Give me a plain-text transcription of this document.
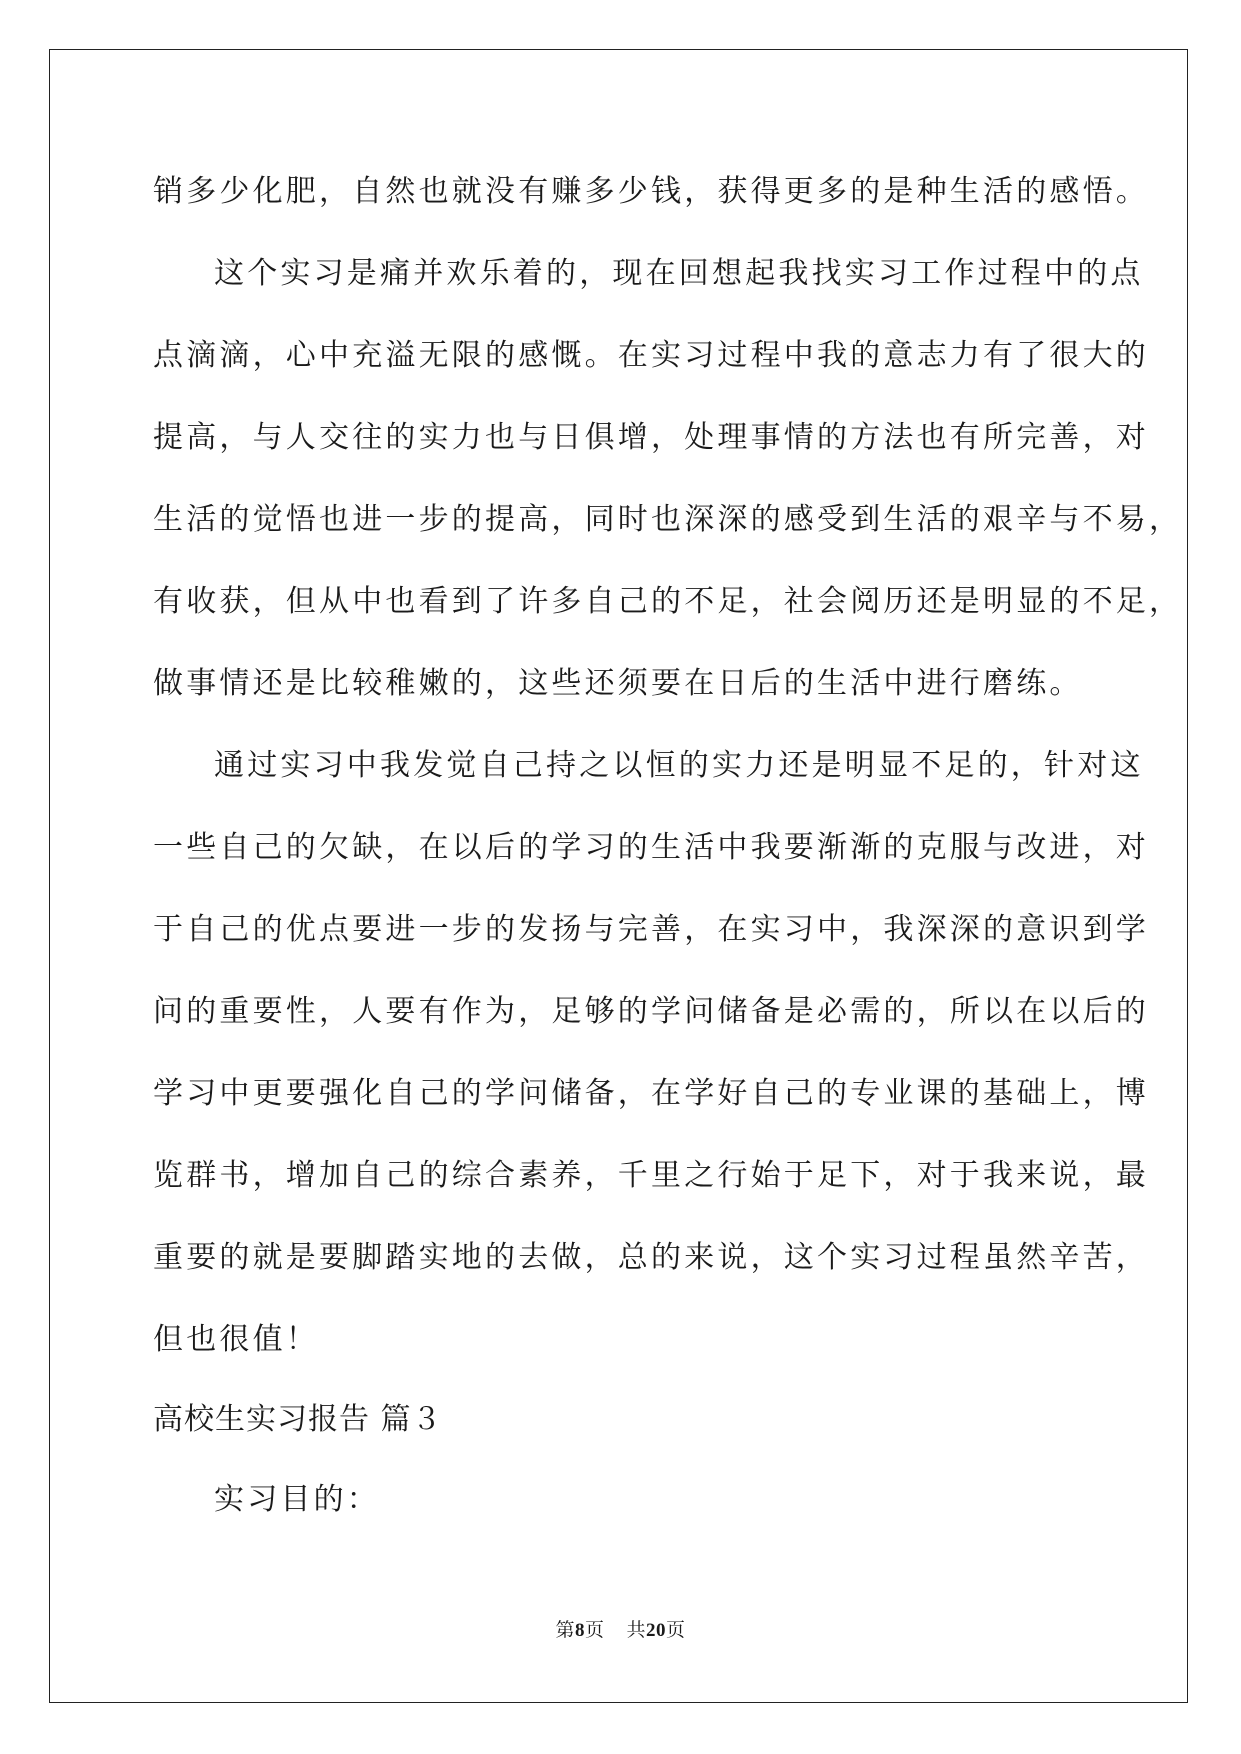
销多少化肥，自然也就没有赚多少钱，获得更多的是种生活的感悟。
这个实习是痛并欢乐着的，现在回想起我找实习工作过程中的点
点滴滴，心中充溢无限的感慨。在实习过程中我的意志力有了很大的
提高，与人交往的实力也与日俱增，处理事情的方法也有所完善，对
生活的觉悟也进一步的提高，同时也深深的感受到生活的艰辛与不易，
有收获，但从中也看到了许多自己的不足，社会阅历还是明显的不足，
做事情还是比较稚嫩的，这些还须要在日后的生活中进行磨练。
通过实习中我发觉自己持之以恒的实力还是明显不足的，针对这
一些自己的欠缺，在以后的学习的生活中我要渐渐的克服与改进，对
于自己的优点要进一步的发扬与完善，在实习中，我深深的意识到学
问的重要性，人要有作为，足够的学问储备是必需的，所以在以后的
学习中更要强化自己的学问储备，在学好自己的专业课的基础上，博
览群书，增加自己的综合素养，千里之行始于足下，对于我来说，最
重要的就是要脚踏实地的去做，总的来说，这个实习过程虽然辛苦，
但也很值！
高校生实习报告 篇３
实习目的：
第8页 共20页
